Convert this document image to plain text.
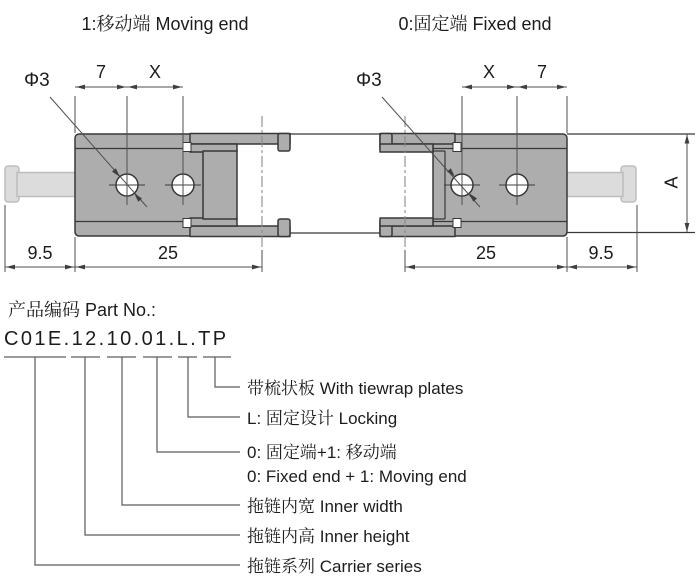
1:移动端 Moving end	0:固定端 Fixed end
Φ3	7	X
9.5	25
Φ3	X	7
25	9.5
A
产品编码 Part No.:
C01E.12.10.01.L.TP
带梳状板 With tiewrap plates
L: 固定设计 Locking
0: 固定端+1: 移动端
0: Fixed end + 1: Moving end
拖链内宽 Inner width
拖链内高 Inner height
拖链系列 Carrier series
